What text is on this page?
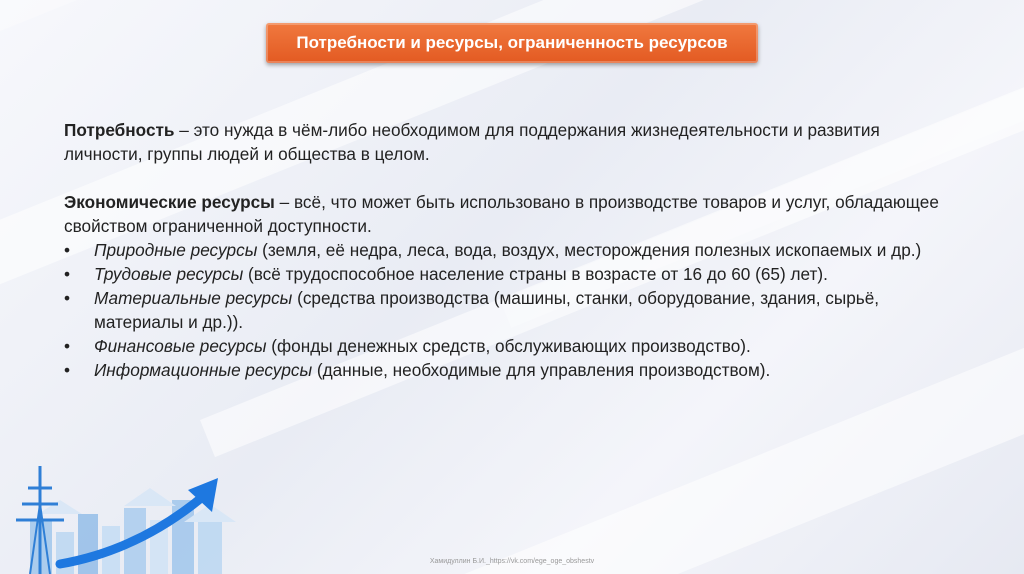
Потребности и ресурсы, ограниченность ресурсов

Потребность – это нужда в чём-либо необходимом для поддержания жизнедеятельности и развития личности, группы людей и общества в целом.

Экономические ресурсы – всё, что может быть использовано в производстве товаров и услуг, обладающее свойством ограниченной доступности.

• Природные ресурсы (земля, её недра, леса, вода, воздух, месторождения полезных ископаемых и др.)
• Трудовые ресурсы (всё трудоспособное население страны в возрасте от 16 до 60 (65) лет).
• Материальные ресурсы (средства производства (машины, станки, оборудование, здания, сырьё, материалы и др.)).
• Финансовые ресурсы (фонды денежных средств, обслуживающих производство).
• Информационные ресурсы (данные, необходимые для управления производством).
Хамидуллин Б.И._https://vk.com/ege_oge_obshestv
